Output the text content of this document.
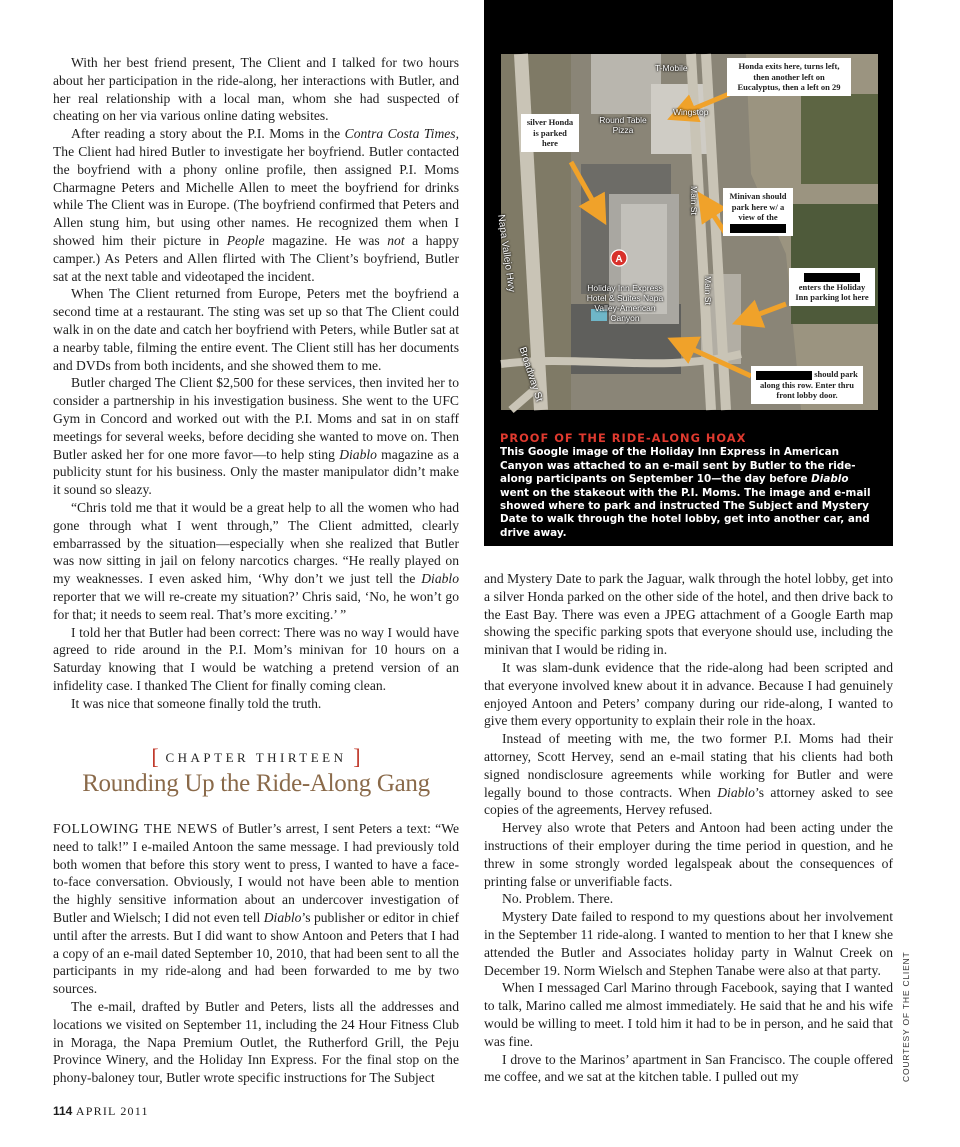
With her best friend present, The Client and I talked for two hours about her participation in the ride-along, her interactions with Butler, and her real relationship with a local man, whom she had suspected of cheating on her via various online dating websites.

After reading a story about the P.I. Moms in the Contra Costa Times, The Client had hired Butler to investigate her boyfriend. Butler contacted the boyfriend with a phony online profile, then assigned P.I. Moms Charmagne Peters and Michelle Allen to meet the boyfriend for drinks while The Client was in Europe. (The boyfriend confirmed that Peters and Allen stung him, but using other names. He recognized them when I showed him their picture in People magazine. He was not a happy camper.) As Peters and Allen flirted with The Client’s boyfriend, Butler sat at the next table and videotaped the incident.

When The Client returned from Europe, Peters met the boyfriend a second time at a restaurant. The sting was set up so that The Client could walk in on the date and catch her boyfriend with Peters, while Butler sat at a nearby table, filming the entire event. The Client still has her documents and DVDs from both incidents, and she showed them to me.

Butler charged The Client $2,500 for these services, then invited her to consider a partnership in his investigation business. She went to the UFC Gym in Concord and worked out with the P.I. Moms and sat in on staff meetings for several weeks, before deciding she wanted to move on. Then Butler asked her for one more favor—to help sting Diablo magazine as a publicity stunt for his business. Only the master manipulator didn’t make it sound so sleazy.

“Chris told me that it would be a great help to all the women who had gone through what I went through,” The Client admitted, clearly embarrassed by the situation—especially when she realized that Butler was now sitting in jail on felony narcotics charges. “He really played on my weaknesses. I even asked him, ‘Why don’t we just tell the Diablo reporter that we will re-create my situation?’ Chris said, ‘No, he won’t go for that; it needs to seem real. That’s more exciting.’ ”

I told her that Butler had been correct: There was no way I would have agreed to ride around in the P.I. Mom’s minivan for 10 hours on a Saturday knowing that I would be watching a pretend version of an infidelity case. I thanked The Client for finally coming clean.

It was nice that someone finally told the truth.

[ CHAPTER THIRTEEN ]
Rounding Up the Ride-Along Gang

FOLLOWING THE NEWS of Butler’s arrest, I sent Peters a text: “We need to talk!” I e-mailed Antoon the same message. I had previously told both women that before this story went to press, I wanted to have a face-to-face conversation. Obviously, I would not have been able to mention the highly sensitive information about an undercover investigation of Butler and Wielsch; I did not even tell Diablo’s publisher or editor in chief until after the arrests. But I did want to show Antoon and Peters that I had a copy of an e-mail dated September 10, 2010, that had been sent to all the participants in my ride-along and had been forwarded to me by two sources.

The e-mail, drafted by Butler and Peters, lists all the addresses and locations we visited on September 11, including the 24 Hour Fitness Club in Moraga, the Napa Premium Outlet, the Rutherford Grill, the Peju Province Winery, and the Holiday Inn Express. For the final stop on the phony-baloney tour, Butler wrote specific instructions for The Subject

A
T-Mobile
Wingstop
Round Table Pizza
Holiday Inn Express Hotel & Suites Napa Valley-American Canyon
Napa Vallejo Hwy
Main St
Main St
Broadway St
silver Honda is parked here
Honda exits here, turns left, then another left on Eucalyptus, then a left on 29
Minivan should park here w/ a view of the

enters the Holiday Inn parking lot here
should park along this row. Enter thru front lobby door.
PROOF OF THE RIDE-ALONG HOAX
This Google image of the Holiday Inn Express in American Canyon was attached to an e-mail sent by Butler to the ride-along participants on September 10—the day before Diablo went on the stakeout with the P.I. Moms. The image and e-mail showed where to park and instructed The Subject and Mystery Date to walk through the hotel lobby, get into another car, and drive away.

and Mystery Date to park the Jaguar, walk through the hotel lobby, get into a silver Honda parked on the other side of the hotel, and then drive back to the East Bay. There was even a JPEG attachment of a Google Earth map showing the specific parking spots that everyone should use, including the minivan that I would be riding in.

It was slam-dunk evidence that the ride-along had been scripted and that everyone involved knew about it in advance. Because I had genuinely enjoyed Antoon and Peters’ company during our ride-along, I wanted to give them every opportunity to explain their role in the hoax.

Instead of meeting with me, the two former P.I. Moms had their attorney, Scott Hervey, send an e-mail stating that his clients had both signed nondisclosure agreements while working for Butler and were legally bound to those contracts. When Diablo’s attorney asked to see copies of the agreements, Hervey refused.

Hervey also wrote that Peters and Antoon had been acting under the instructions of their employer during the time period in question, and he threw in some strongly worded legalspeak about the consequences of printing false or unverifiable facts.

No. Problem. There.

Mystery Date failed to respond to my questions about her involvement in the September 11 ride-along. I wanted to mention to her that I knew she attended the Butler and Associates holiday party in Walnut Creek on December 19. Norm Wielsch and Stephen Tanabe were also at that party.

When I messaged Carl Marino through Facebook, saying that I wanted to talk, Marino called me almost immediately. He said that he and his wife would be willing to meet. I told him it had to be in person, and he said that was fine.

I drove to the Marinos’ apartment in San Francisco. The couple offered me coffee, and we sat at the kitchen table. I pulled out my	COURTESY OF THE CLIENT
114 APRIL 2011
